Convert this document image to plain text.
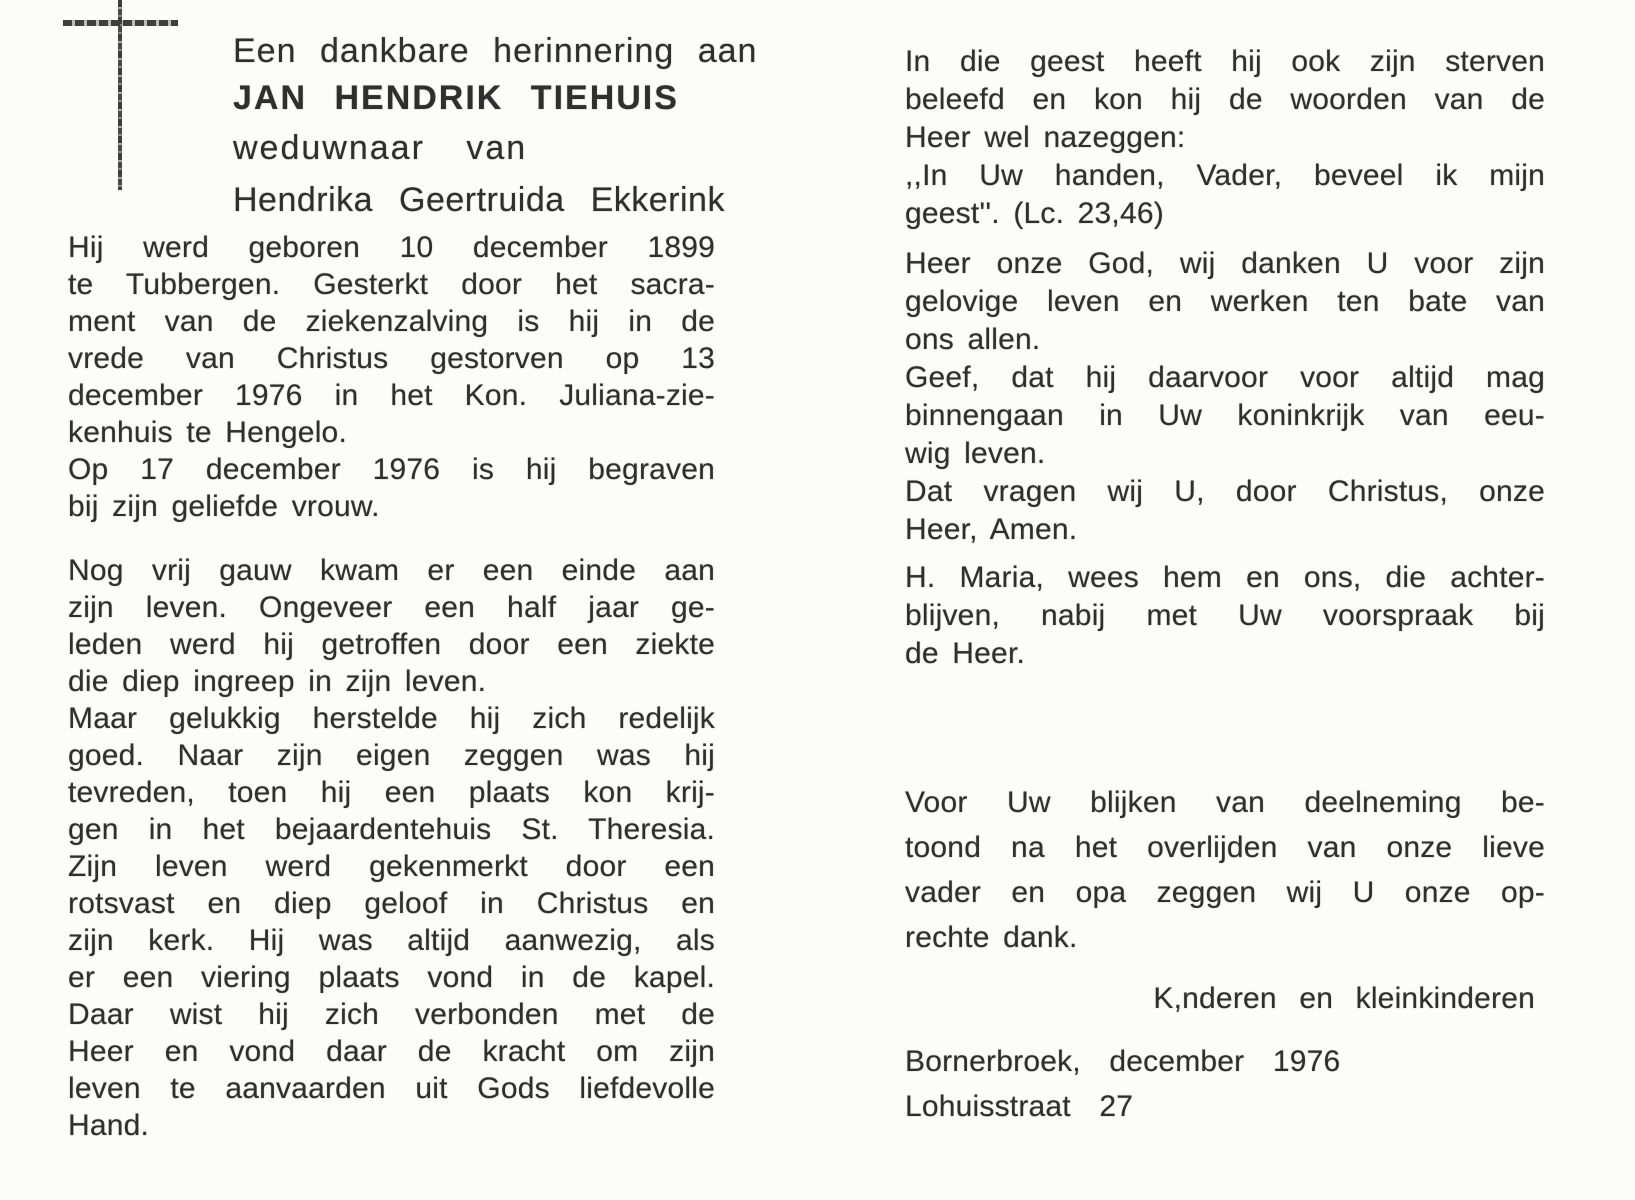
Een dankbare herinnering aan
JAN HENDRIK TIEHUIS
weduwnaar van
Hendrika Geertruida Ekkerink
Hij werd geboren 10 december 1899
te Tubbergen. Gesterkt door het sacra-
ment van de ziekenzalving is hij in de
vrede van Christus gestorven op 13
december 1976 in het Kon. Juliana-zie-
kenhuis te Hengelo.
Op 17 december 1976 is hij begraven
bij zijn geliefde vrouw.
Nog vrij gauw kwam er een einde aan
zijn leven. Ongeveer een half jaar ge-
leden werd hij getroffen door een ziekte
die diep ingreep in zijn leven.
Maar gelukkig herstelde hij zich redelijk
goed. Naar zijn eigen zeggen was hij
tevreden, toen hij een plaats kon krij-
gen in het bejaardentehuis St. Theresia.
Zijn leven werd gekenmerkt door een
rotsvast en diep geloof in Christus en
zijn kerk. Hij was altijd aanwezig, als
er een viering plaats vond in de kapel.
Daar wist hij zich verbonden met de
Heer en vond daar de kracht om zijn
leven te aanvaarden uit Gods liefdevolle
Hand.
In die geest heeft hij ook zijn sterven
beleefd en kon hij de woorden van de
Heer wel nazeggen:
,,In Uw handen, Vader, beveel ik mijn
geest''. (Lc. 23,46)
Heer onze God, wij danken U voor zijn
gelovige leven en werken ten bate van
ons allen.
Geef, dat hij daarvoor voor altijd mag
binnengaan in Uw koninkrijk van eeu-
wig leven.
Dat vragen wij U, door Christus, onze
Heer, Amen.
H. Maria, wees hem en ons, die achter-
blijven, nabij met Uw voorspraak bij
de Heer.
Voor Uw blijken van deelneming be-
toond na het overlijden van onze lieve
vader en opa zeggen wij U onze op-
rechte dank.
K,nderen en kleinkinderen
Bornerbroek, december 1976
Lohuisstraat 27
